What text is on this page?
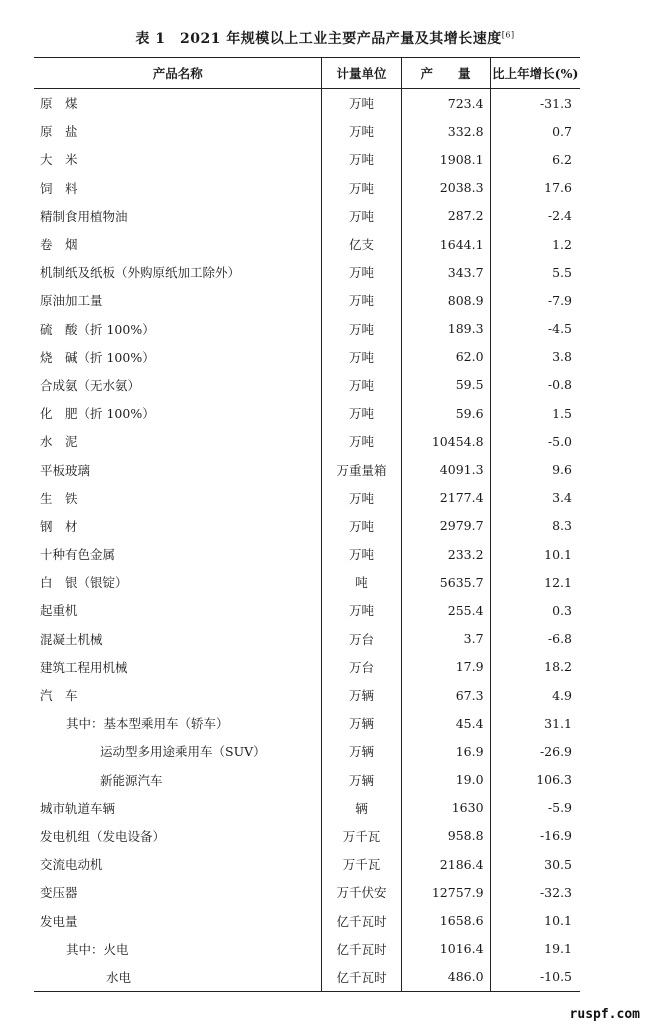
表 1　2021 年规模以上工业主要产品产量及其增长速度[6]
产品名称	计量单位	产　　量	比上年增长(%)
原　煤	万吨	723.4	-31.3
原　盐	万吨	332.8	0.7
大　米	万吨	1908.1	6.2
饲　料	万吨	2038.3	17.6
精制食用植物油	万吨	287.2	-2.4
卷　烟	亿支	1644.1	1.2
机制纸及纸板（外购原纸加工除外）	万吨	343.7	5.5
原油加工量	万吨	808.9	-7.9
硫　酸（折 100%）	万吨	189.3	-4.5
烧　碱（折 100%）	万吨	62.0	3.8
合成氨（无水氨）	万吨	59.5	-0.8
化　肥（折 100%）	万吨	59.6	1.5
水　泥	万吨	10454.8	-5.0
平板玻璃	万重量箱	4091.3	9.6
生　铁	万吨	2177.4	3.4
钢　材	万吨	2979.7	8.3
十种有色金属	万吨	233.2	10.1
白　银（银锭）	吨	5635.7	12.1
起重机	万吨	255.4	0.3
混凝土机械	万台	3.7	-6.8
建筑工程用机械	万台	17.9	18.2
汽　车	万辆	67.3	4.9
其中：基本型乘用车（轿车）	万辆	45.4	31.1
运动型多用途乘用车（SUV）	万辆	16.9	-26.9
新能源汽车	万辆	19.0	106.3
城市轨道车辆	辆	1630	-5.9
发电机组（发电设备）	万千瓦	958.8	-16.9
交流电动机	万千瓦	2186.4	30.5
变压器	万千伏安	12757.9	-32.3
发电量	亿千瓦时	1658.6	10.1
其中：火电	亿千瓦时	1016.4	19.1
水电	亿千瓦时	486.0	-10.5
ruspf.com
